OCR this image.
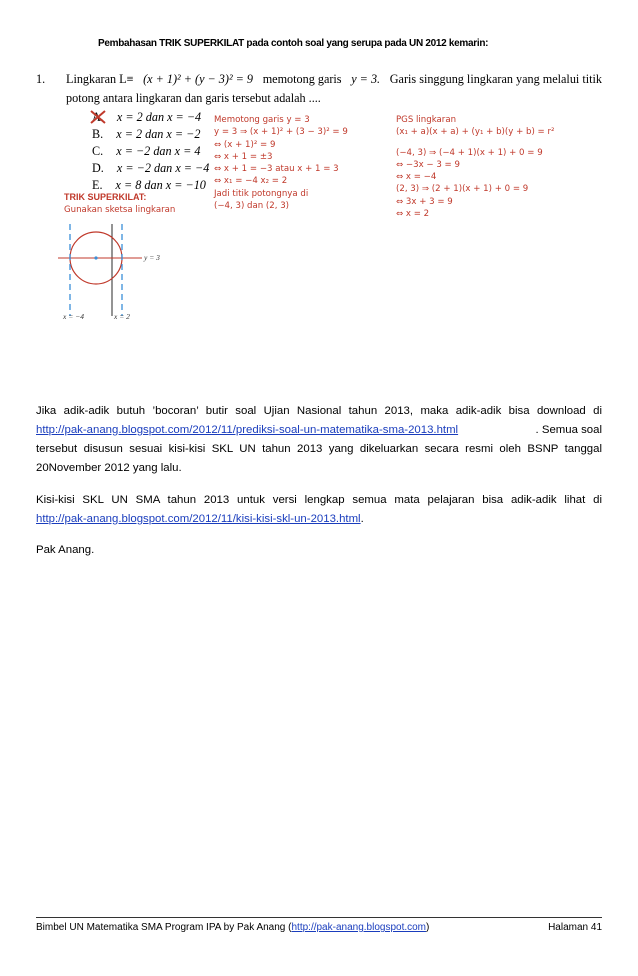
Pembahasan TRIK SUPERKILAT pada contoh soal yang serupa pada UN 2012 kemarin:
1. Lingkaran L≡ (x + 1)² + (y − 3)² = 9 memotong garis y = 3. Garis singgung lingkaran yang melalui titik
potong antara lingkaran dan garis tersebut adalah ....
A. x = 2 dan x = −4
B. x = 2 dan x = −2
C. x = −2 dan x = 4
D. x = −2 dan x = −4
E. x = 8 dan x = −10
Memotong garis y = 3
y = 3 ⇒ (x + 1)² + (3 − 3)² = 9
⇔ (x + 1)² = 9
⇔ x + 1 = ±3
⇔ x + 1 = −3 atau x + 1 = 3
⇔ x₁ = −4 x₂ = 2
Jadi titik potongnya di
(−4, 3) dan (2, 3)
PGS lingkaran
(x₁ + a)(x + a) + (y₁ + b)(y + b) = r²
(−4, 3) ⇒ (−4 + 1)(x + 1) + 0 = 9
⇔ −3x − 3 = 9
⇔ x = −4
(2, 3) ⇒ (2 + 1)(x + 1) + 0 = 9
⇔ 3x + 3 = 9
⇔ x = 2
TRIK SUPERKILAT:
Gunakan sketsa lingkaran
y = 3
x = −4	x = 2
Jika adik-adik butuh ’bocoran’ butir soal Ujian Nasional tahun 2013, maka adik-adik bisa download di
http://pak-anang.blogspot.com/2012/11/prediksi-soal-un-matematika-sma-2013.html	. Semua soal
tersebut disusun sesuai kisi-kisi SKL UN tahun 2013 yang dikeluarkan secara resmi oleh BSNP tanggal
20November 2012 yang lalu.
Kisi-kisi SKL UN SMA tahun 2013 untuk versi lengkap semua mata pelajaran bisa adik-adik lihat di
http://pak-anang.blogspot.com/2012/11/kisi-kisi-skl-un-2013.html.
Pak Anang.
Bimbel UN Matematika SMA Program IPA by Pak Anang (http://pak-anang.blogspot.com)	Halaman 41
